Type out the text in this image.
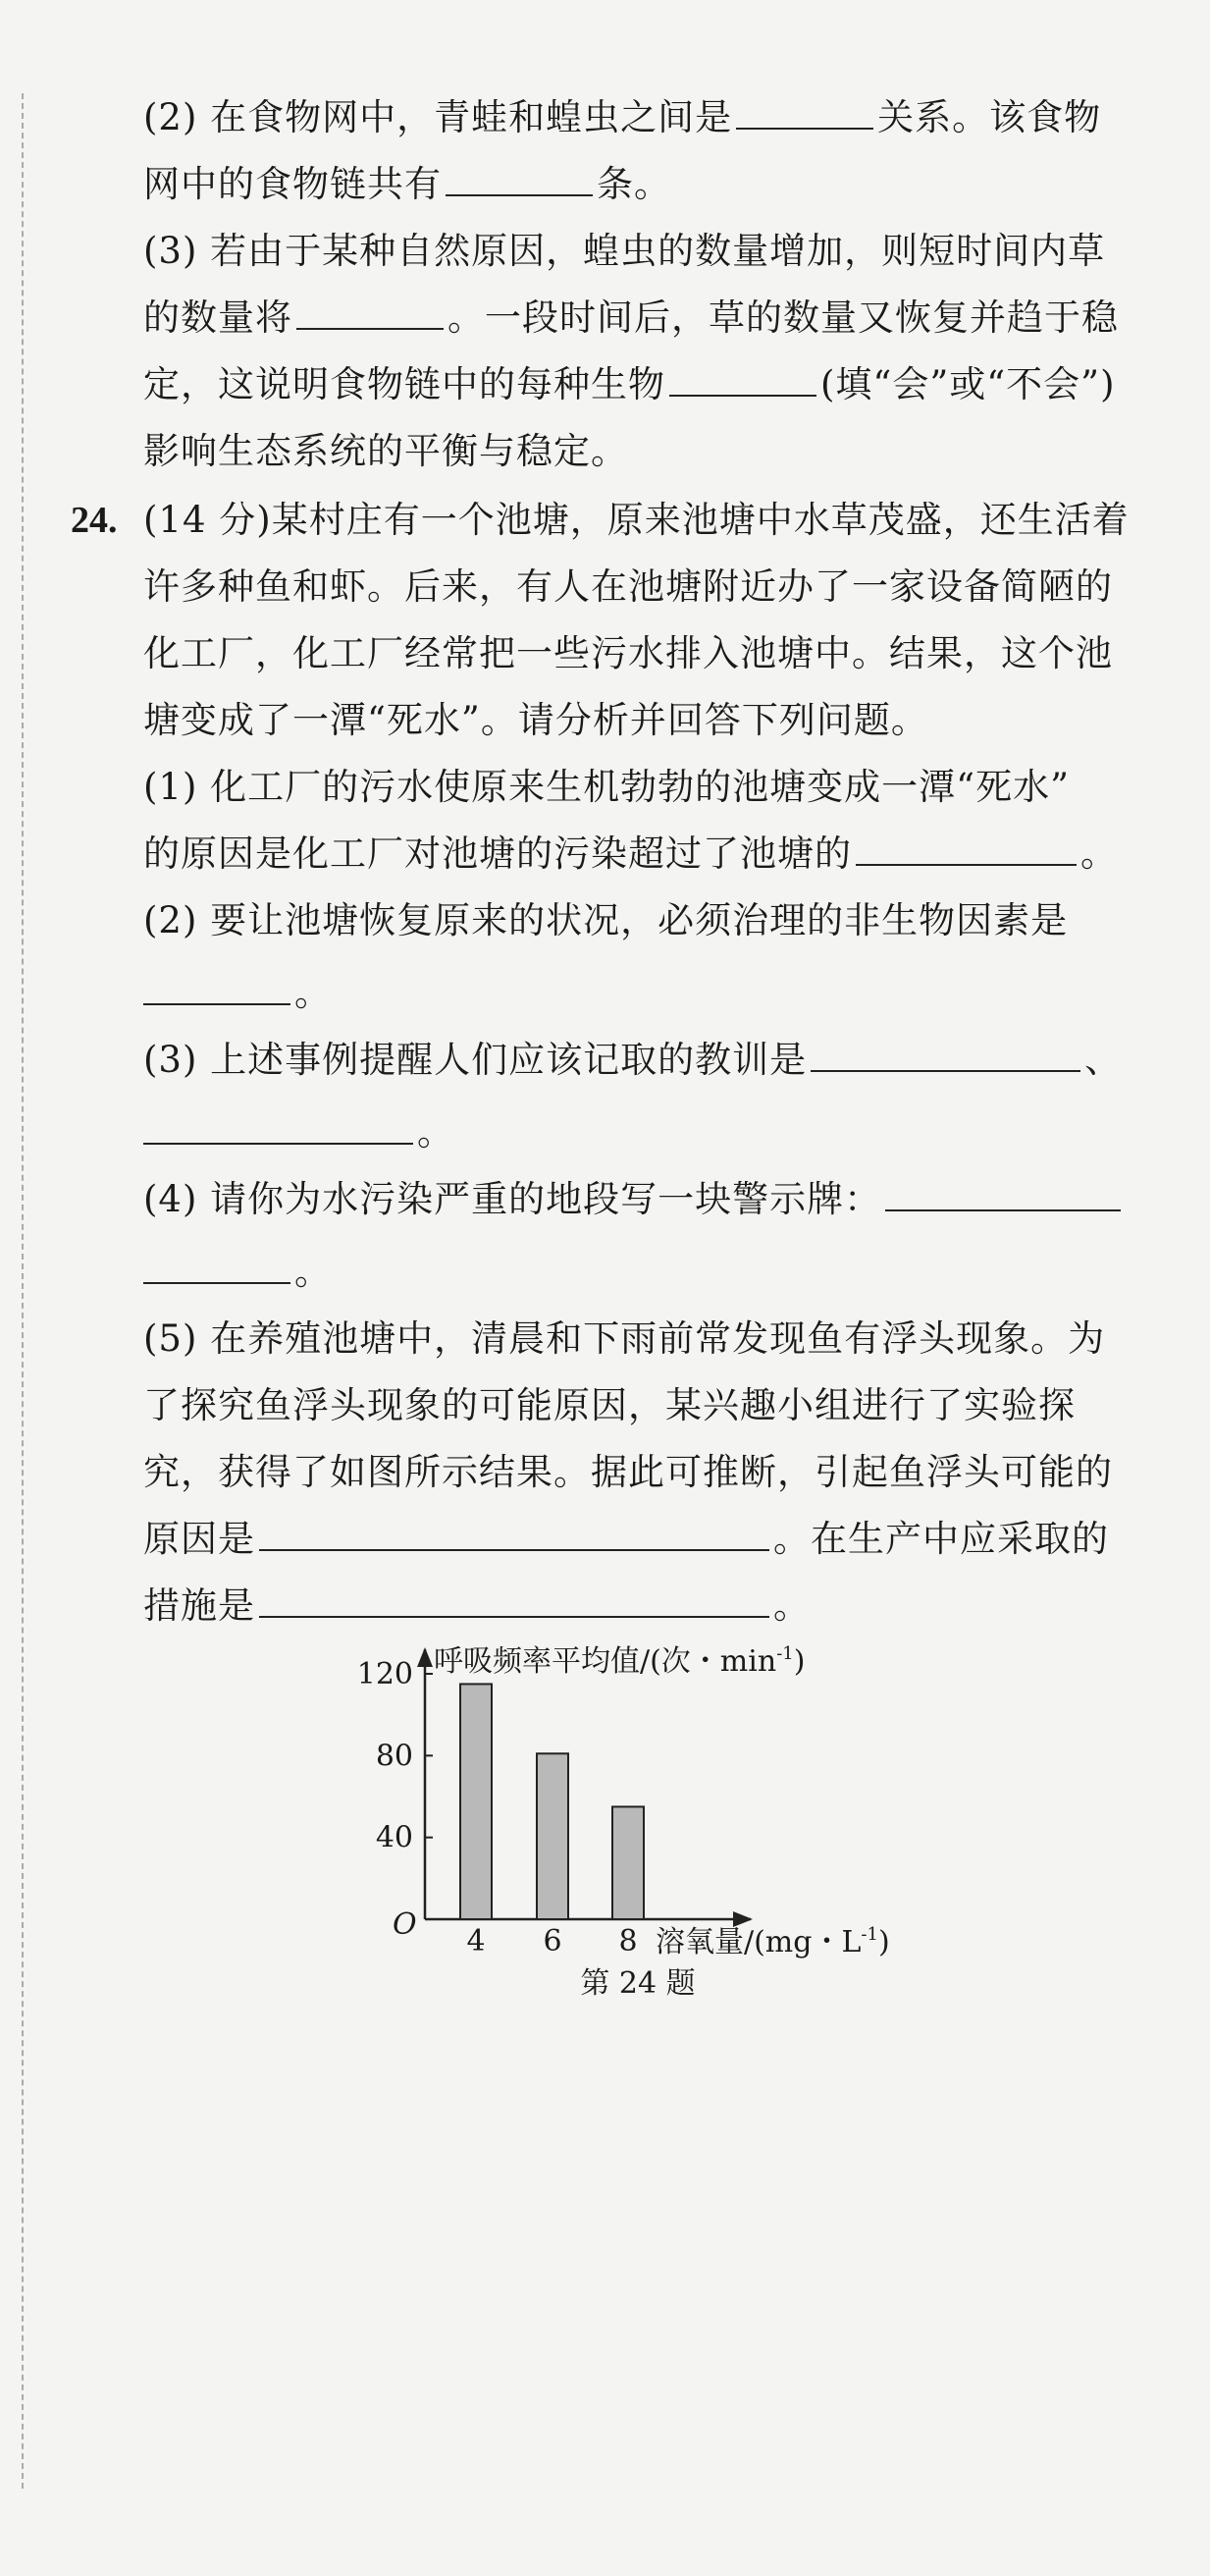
(2) 在食物网中，青蛙和蝗虫之间是	关系。该食物
网中的食物链共有	条。
(3) 若由于某种自然原因，蝗虫的数量增加，则短时间内草
的数量将	。一段时间后，草的数量又恢复并趋于稳
定，这说明食物链中的每种生物	(填“会”或“不会”)
影响生态系统的平衡与稳定。
24. (14 分)某村庄有一个池塘，原来池塘中水草茂盛，还生活着
许多种鱼和虾。后来，有人在池塘附近办了一家设备简陋的
化工厂，化工厂经常把一些污水排入池塘中。结果，这个池
塘变成了一潭“死水”。请分析并回答下列问题。
(1) 化工厂的污水使原来生机勃勃的池塘变成一潭“死水”
的原因是化工厂对池塘的污染超过了池塘的	。
(2) 要让池塘恢复原来的状况，必须治理的非生物因素是
。
(3) 上述事例提醒人们应该记取的教训是	、
。
(4) 请你为水污染严重的地段写一块警示牌：
。
(5) 在养殖池塘中，清晨和下雨前常发现鱼有浮头现象。为
了探究鱼浮头现象的可能原因，某兴趣小组进行了实验探
究，获得了如图所示结果。据此可推断，引起鱼浮头可能的
原因是	。在生产中应采取的
措施是	。
呼吸频率平均值/(次・$\min^{-1}$)
溶氧量/(mg・$L^{-1}$)
O
40
80
120
4 6 8
第 24 题
